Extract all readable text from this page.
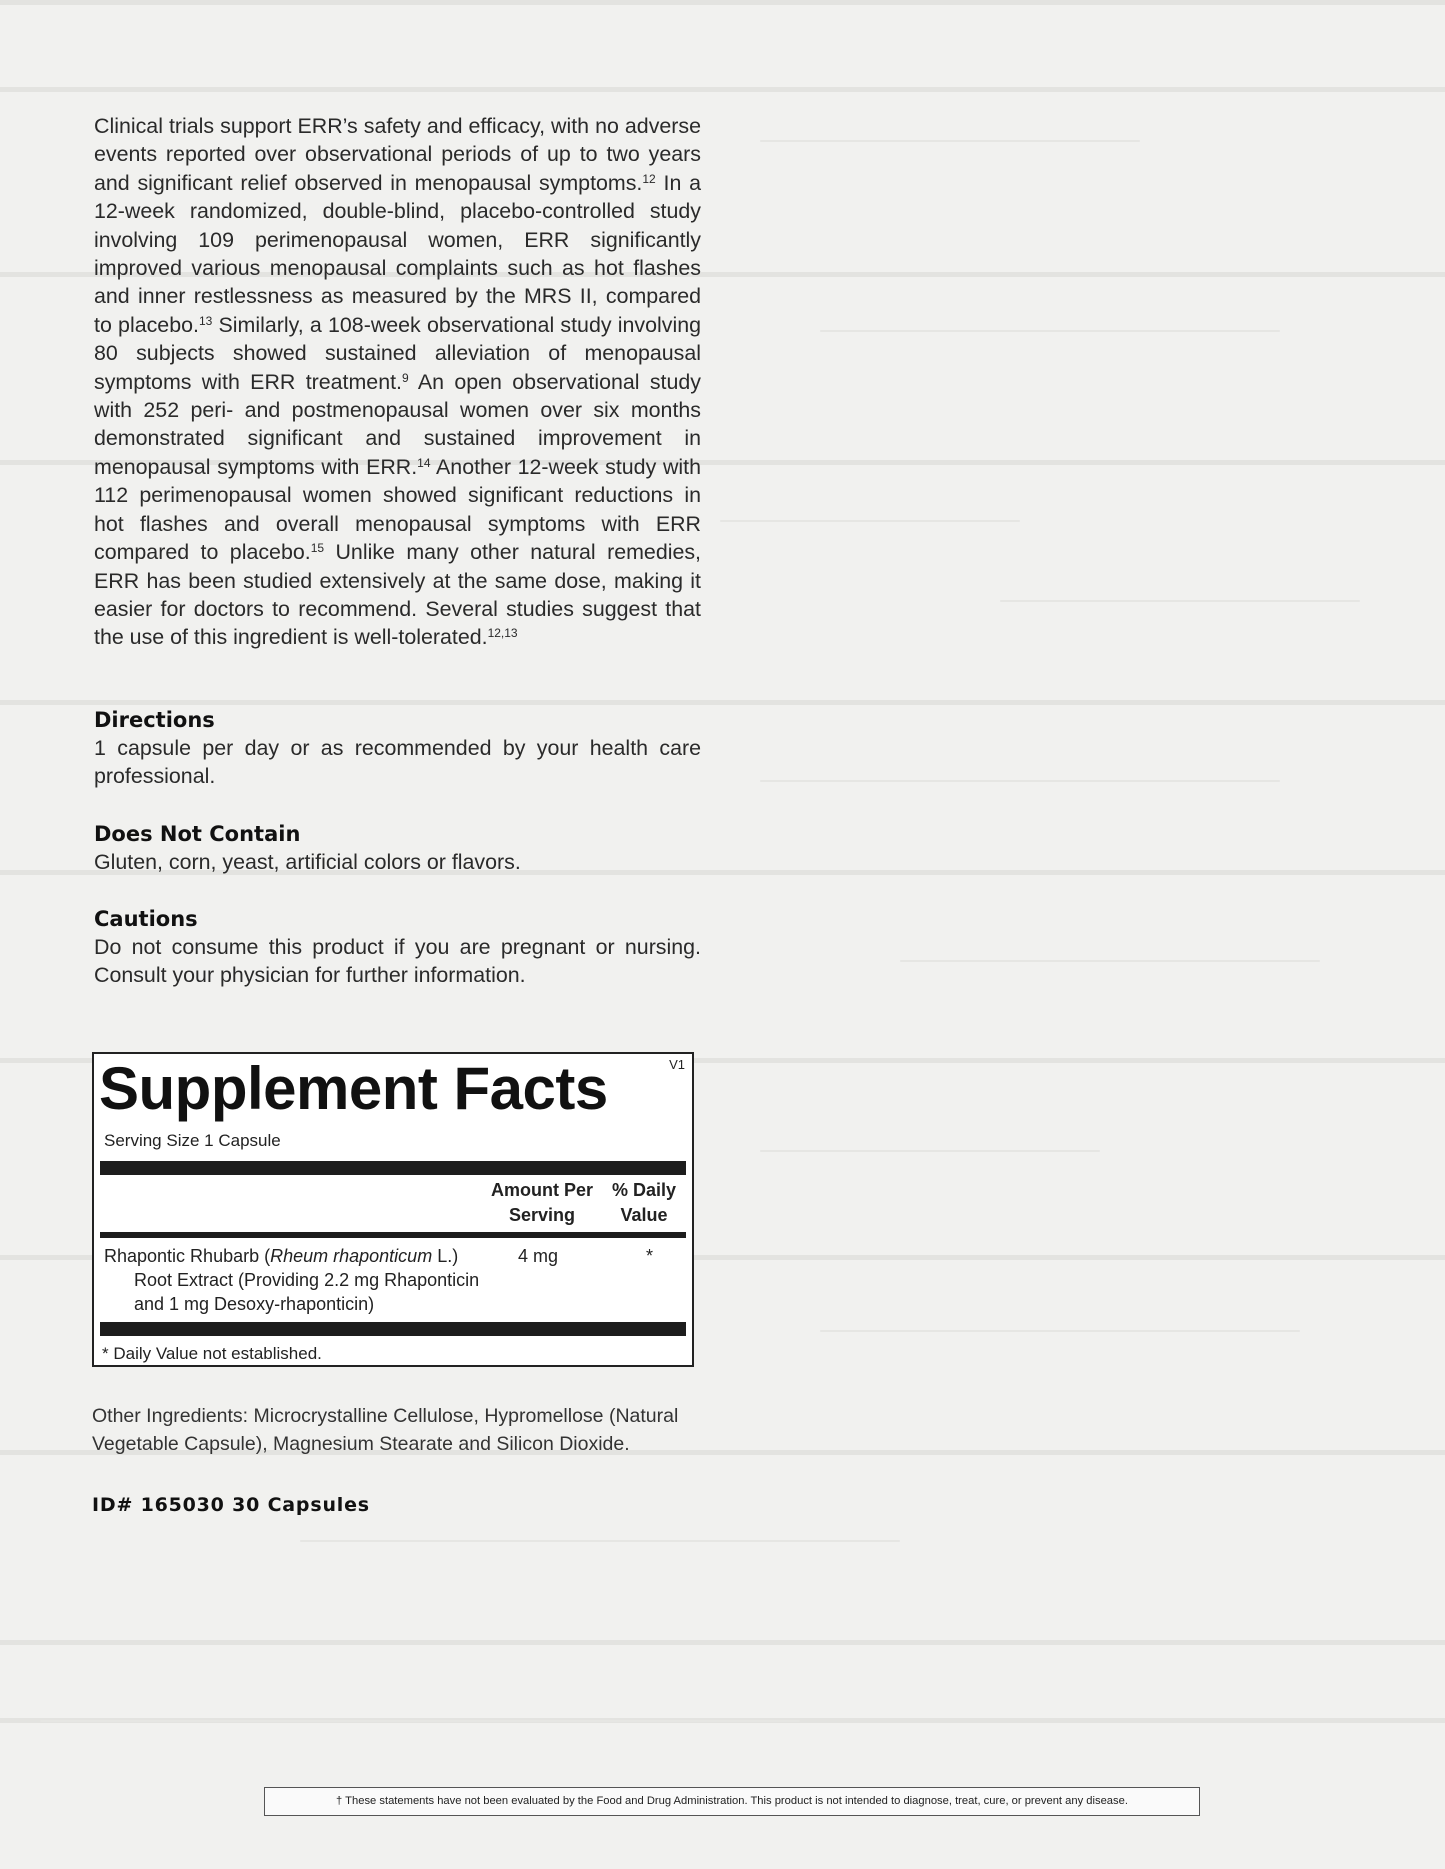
Clinical trials support ERR’s safety and efficacy, with no adverse events reported over observational periods of up to two years and significant relief observed in menopausal symptoms.$^{12}$ In a 12-week randomized, double-blind, placebo-controlled study involving 109 perimenopausal women, ERR significantly improved various menopausal complaints such as hot flashes and inner restlessness as measured by the MRS II, compared to placebo.$^{13}$ Similarly, a 108-week observational study involving 80 subjects showed sustained alleviation of menopausal symptoms with ERR treatment.$^9$ An open observational study with 252 peri- and postmenopausal women over six months demonstrated significant and sustained improvement in menopausal symptoms with ERR.$^{14}$ Another 12-week study with 112 perimenopausal women showed significant reductions in hot flashes and overall menopausal symptoms with ERR compared to placebo.$^{15}$ Unlike many other natural remedies, ERR has been studied extensively at the same dose, making it easier for doctors to recommend. Several studies suggest that the use of this ingredient is well-tolerated.$^{12,13}$
Directions

1 capsule per day or as recommended by your health care professional.

Does Not Contain

Gluten, corn, yeast, artificial colors or flavors.

Cautions

Do not consume this product if you are pregnant or nursing. Consult your physician for further information.

Supplement Facts	V1
Serving Size 1 Capsule
Amount Per
Serving
% Daily
Value
Rhapontic Rhubarb (Rheum rhaponticum L.)
Root Extract (Providing 2.2 mg Rhaponticin
and 1 mg Desoxy-rhaponticin)
4 mg	*
* Daily Value not established.
Other Ingredients: Microcrystalline Cellulose, Hypromellose (Natural Vegetable Capsule), Magnesium Stearate and Silicon Dioxide.
ID# 165030 30 Capsules
† These statements have not been evaluated by the Food and Drug Administration. This product is not intended to diagnose, treat, cure, or prevent any disease.
